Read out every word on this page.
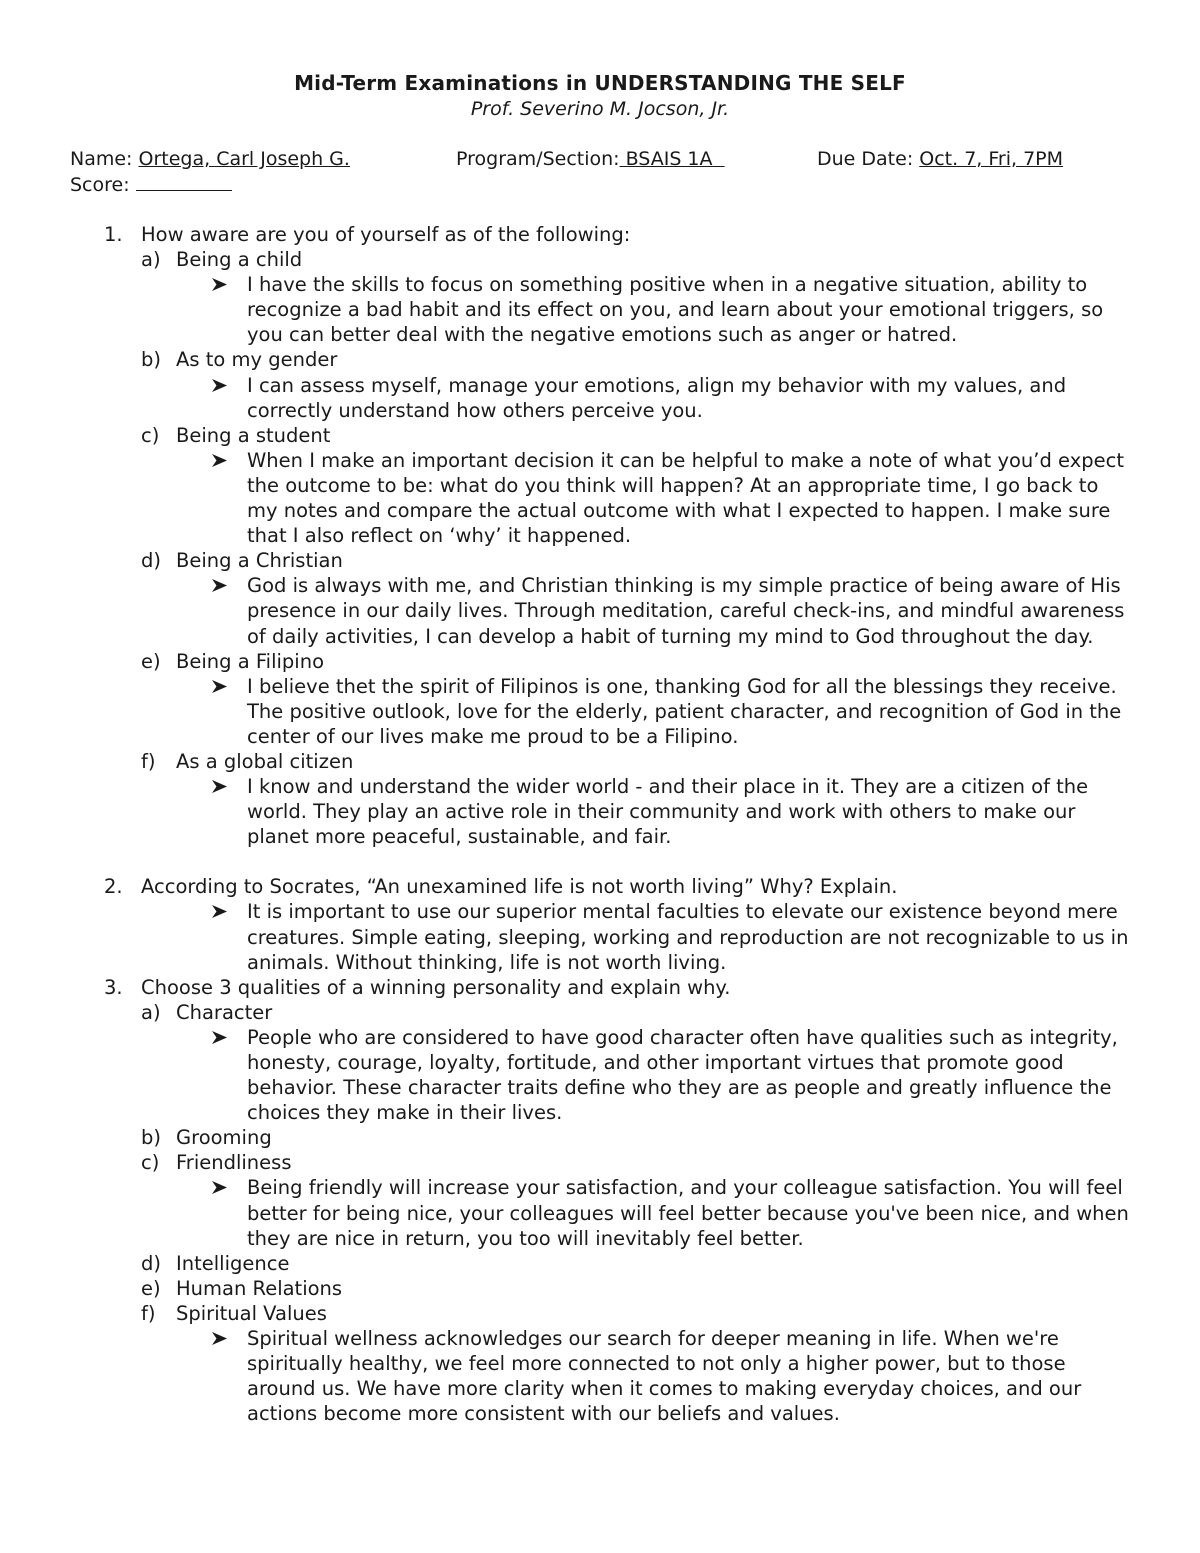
Mid-Term Examinations in UNDERSTANDING THE SELF
Prof. Severino M. Jocson, Jr.
Name: Ortega, Carl Joseph G.	Program/Section: BSAIS 1A	Due Date: Oct. 7, Fri, 7PM
Score:
1. How aware are you of yourself as of the following:
a) Being a child
I have the skills to focus on something positive when in a negative situation, ability to recognize a bad habit and its effect on you, and learn about your emotional triggers, so you can better deal with the negative emotions such as anger or hatred.
b) As to my gender
I can assess myself, manage your emotions, align my behavior with my values, and correctly understand how others perceive you.
c) Being a student
When I make an important decision it can be helpful to make a note of what you’d expect the outcome to be: what do you think will happen? At an appropriate time, I go back to my notes and compare the actual outcome with what I expected to happen. I make sure that I also reflect on ‘why’ it happened.
d) Being a Christian
God is always with me, and Christian thinking is my simple practice of being aware of His presence in our daily lives. Through meditation, careful check-ins, and mindful awareness of daily activities, I can develop a habit of turning my mind to God throughout the day.
e) Being a Filipino
I believe thet the spirit of Filipinos is one, thanking God for all the blessings they receive. The positive outlook, love for the elderly, patient character, and recognition of God in the center of our lives make me proud to be a Filipino.
f) As a global citizen
I know and understand the wider world - and their place in it. They are a citizen of the world. They play an active role in their community and work with others to make our planet more peaceful, sustainable, and fair.
2. According to Socrates, “An unexamined life is not worth living” Why? Explain.
It is important to use our superior mental faculties to elevate our existence beyond mere creatures. Simple eating, sleeping, working and reproduction are not recognizable to us in animals. Without thinking, life is not worth living.
3. Choose 3 qualities of a winning personality and explain why.
a) Character
People who are considered to have good character often have qualities such as integrity, honesty, courage, loyalty, fortitude, and other important virtues that promote good behavior. These character traits define who they are as people and greatly influence the choices they make in their lives.
b) Grooming
c) Friendliness
Being friendly will increase your satisfaction, and your colleague satisfaction. You will feel better for being nice, your colleagues will feel better because you've been nice, and when they are nice in return, you too will inevitably feel better.
d) Intelligence
e) Human Relations
f) Spiritual Values
Spiritual wellness acknowledges our search for deeper meaning in life. When we're spiritually healthy, we feel more connected to not only a higher power, but to those around us. We have more clarity when it comes to making everyday choices, and our actions become more consistent with our beliefs and values.
